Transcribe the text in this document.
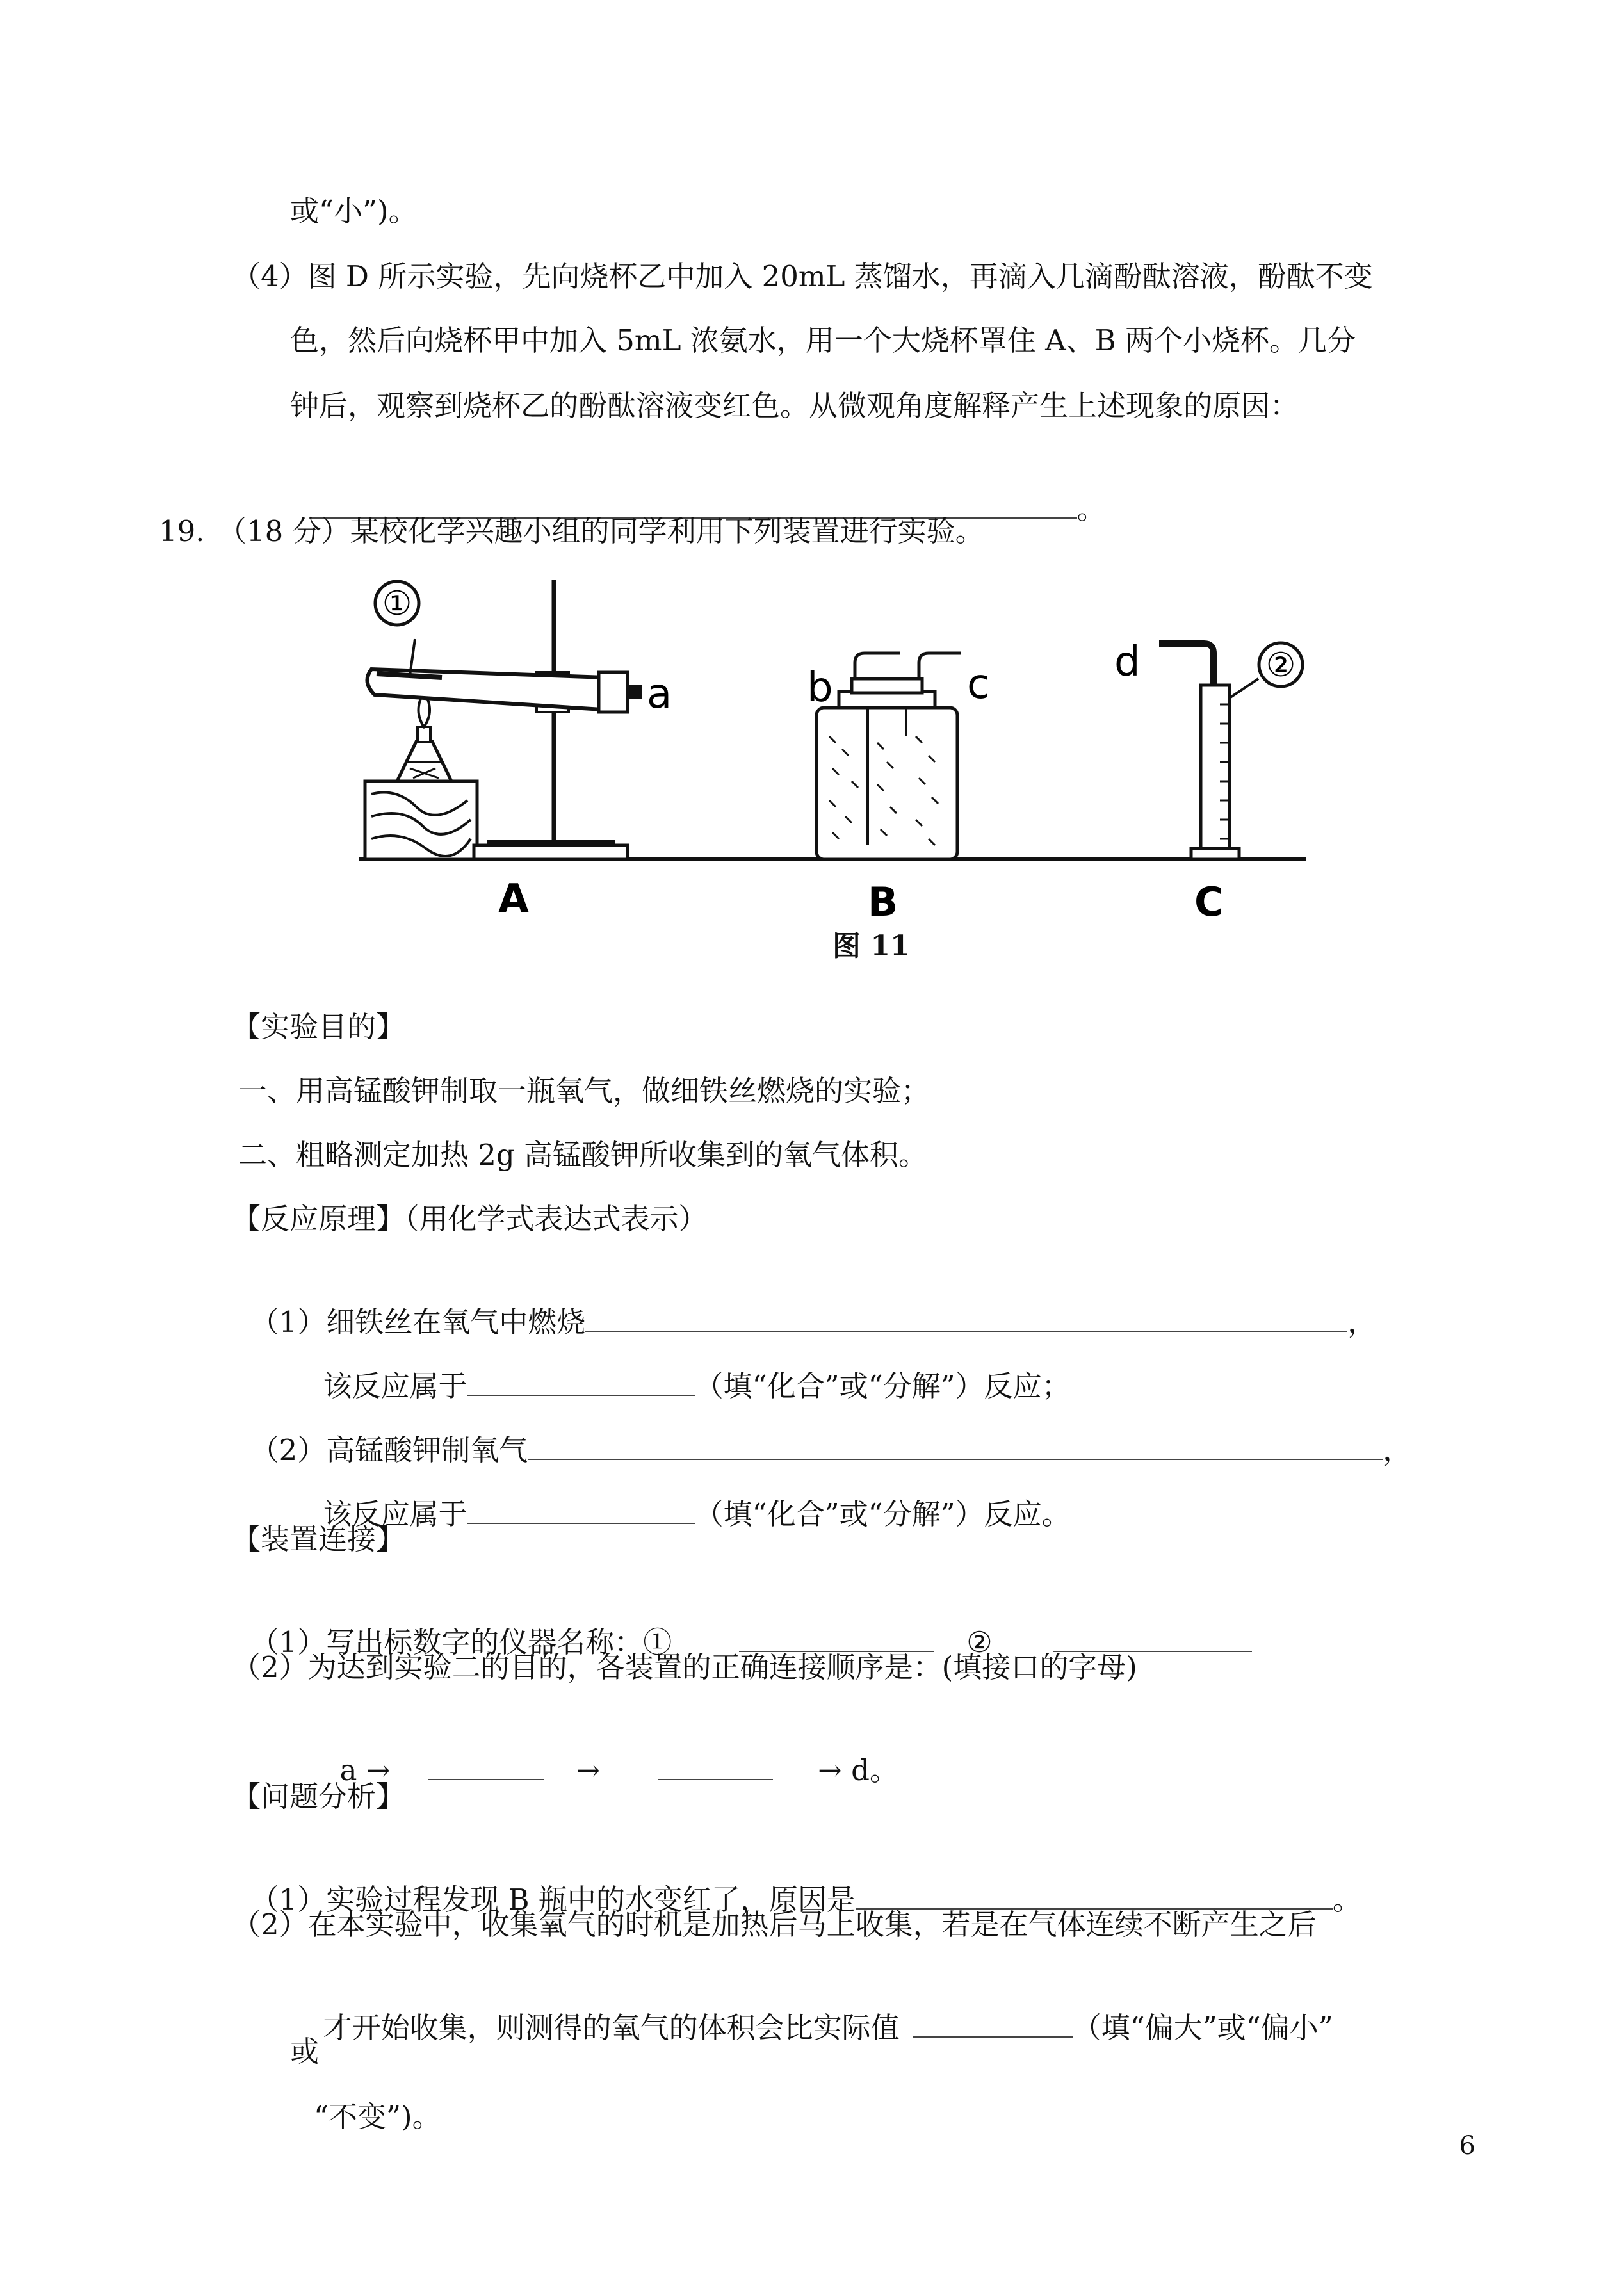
或“小”)。
（4）图 D 所示实验，先向烧杯乙中加入 20mL 蒸馏水，再滴入几滴酚酞溶液，酚酞不变
色，然后向烧杯甲中加入 5mL 浓氨水，用一个大烧杯罩住 A、B 两个小烧杯。几分
钟后，观察到烧杯乙的酚酞溶液变红色。从微观角度解释产生上述现象的原因：

。

19. （18 分）某校化学兴趣小组的同学利用下列装置进行实验。
①
a
A
b	c
B
②
d
C
图 11
【实验目的】
一、用高锰酸钾制取一瓶氧气，做细铁丝燃烧的实验；
二、粗略测定加热 2g 高锰酸钾所收集到的氧气体积。
【反应原理】（用化学式表达式表示）

（1）细铁丝在氧气中燃烧	，

该反应属于	（填“化合”或“分解”）反应；

（2）高锰酸钾制氧气	，

该反应属于	（填“化合”或“分解”）反应。

【装置连接】

（1）写出标数字的仪器名称：①	②

（2）为达到实验二的目的，各装置的正确连接顺序是：(填接口的字母)

a →	→	→ d。

【问题分析】

（1）实验过程发现 B 瓶中的水变红了，原因是	。

（2）在本实验中，收集氧气的时机是加热后马上收集，若是在气体连续不断产生之后

才开始收集，则测得的氧气的体积会比实际值	（填“偏大”或“偏小”

或
“不变”)。
6
